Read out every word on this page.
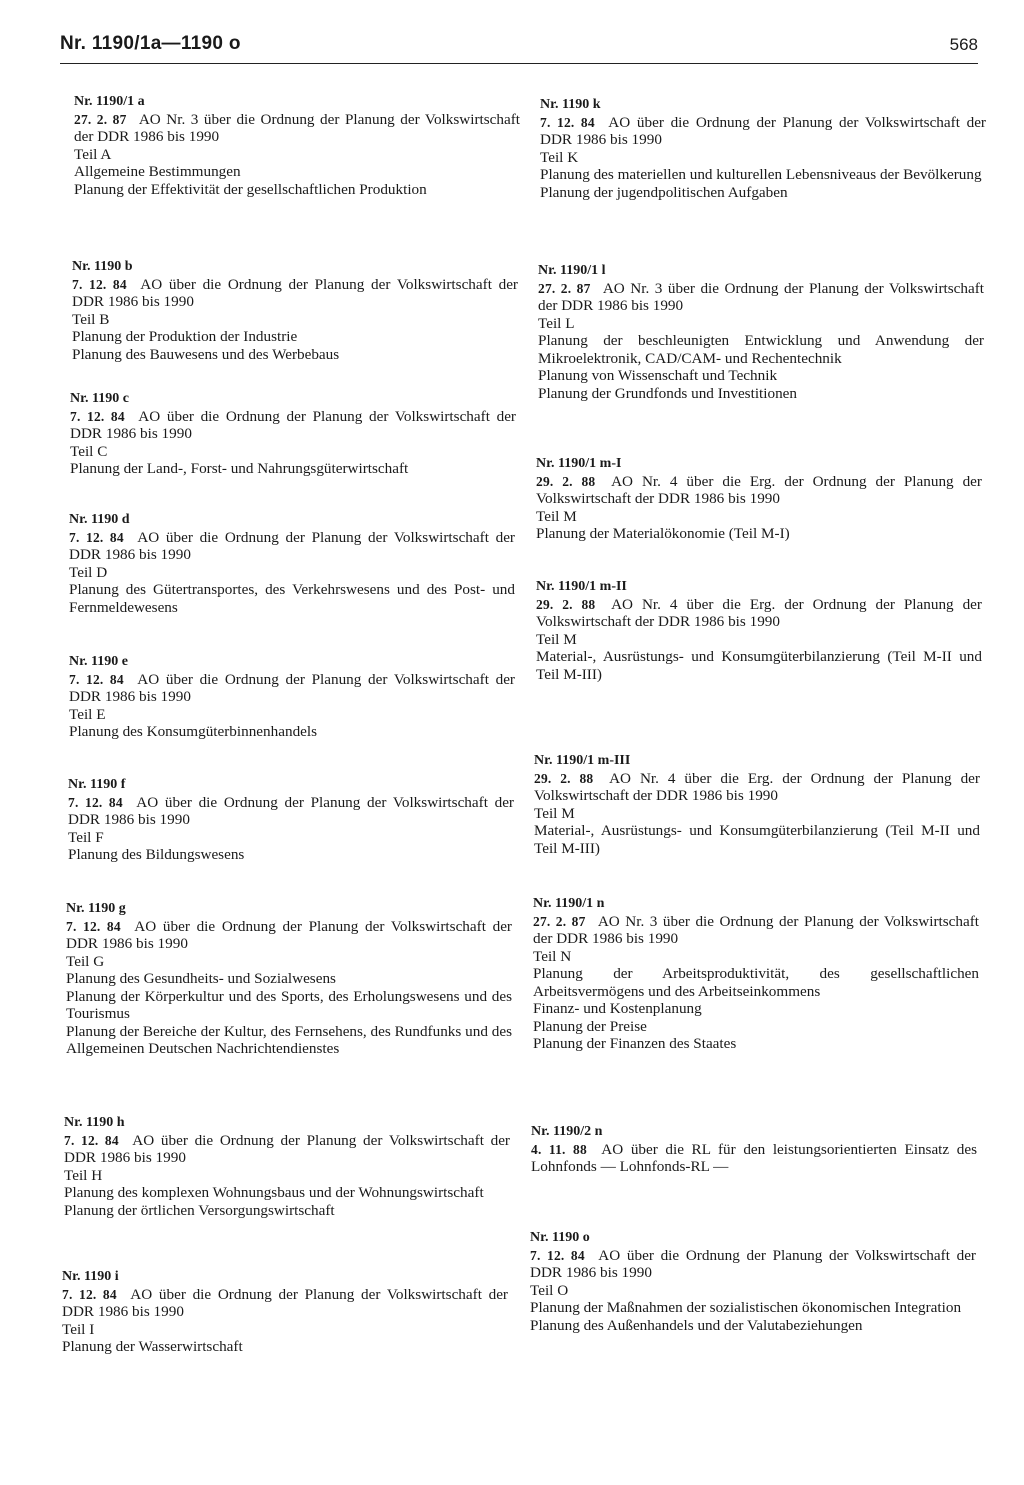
Nr. 1190/1a—1190 o	568
Nr. 1190/1 a
27. 2. 87  AO Nr. 3 über die Ordnung der Planung der Volkswirtschaft der DDR 1986 bis 1990
Teil A
Allgemeine Bestimmungen
Planung der Effektivität der gesellschaftlichen Produktion
Nr. 1190 b
7. 12. 84  AO über die Ordnung der Planung der Volkswirtschaft der DDR 1986 bis 1990
Teil B
Planung der Produktion der Industrie
Planung des Bauwesens und des Werbebaus
Nr. 1190 c
7. 12. 84  AO über die Ordnung der Planung der Volkswirtschaft der DDR 1986 bis 1990
Teil C
Planung der Land-, Forst- und Nahrungsgüterwirtschaft
Nr. 1190 d
7. 12. 84  AO über die Ordnung der Planung der Volkswirtschaft der DDR 1986 bis 1990
Teil D
Planung des Gütertransportes, des Verkehrswesens und des Post- und Fernmeldewesens
Nr. 1190 e
7. 12. 84  AO über die Ordnung der Planung der Volkswirtschaft der DDR 1986 bis 1990
Teil E
Planung des Konsumgüterbinnenhandels
Nr. 1190 f
7. 12. 84  AO über die Ordnung der Planung der Volkswirtschaft der DDR 1986 bis 1990
Teil F
Planung des Bildungswesens
Nr. 1190 g
7. 12. 84  AO über die Ordnung der Planung der Volkswirtschaft der DDR 1986 bis 1990
Teil G
Planung des Gesundheits- und Sozialwesens
Planung der Körperkultur und des Sports, des Erholungswesens und des Tourismus
Planung der Bereiche der Kultur, des Fernsehens, des Rundfunks und des Allgemeinen Deutschen Nachrichtendienstes
Nr. 1190 h
7. 12. 84  AO über die Ordnung der Planung der Volkswirtschaft der DDR 1986 bis 1990
Teil H
Planung des komplexen Wohnungsbaus und der Wohnungswirtschaft
Planung der örtlichen Versorgungswirtschaft
Nr. 1190 i
7. 12. 84  AO über die Ordnung der Planung der Volkswirtschaft der DDR 1986 bis 1990
Teil I
Planung der Wasserwirtschaft
Nr. 1190 k
7. 12. 84  AO über die Ordnung der Planung der Volkswirtschaft der DDR 1986 bis 1990
Teil K
Planung des materiellen und kulturellen Lebensniveaus der Bevölkerung
Planung der jugendpolitischen Aufgaben
Nr. 1190/1 l
27. 2. 87  AO Nr. 3 über die Ordnung der Planung der Volkswirtschaft der DDR 1986 bis 1990
Teil L
Planung der beschleunigten Entwicklung und Anwendung der Mikroelektronik, CAD/CAM- und Rechentechnik
Planung von Wissenschaft und Technik
Planung der Grundfonds und Investitionen
Nr. 1190/1 m-I
29. 2. 88  AO Nr. 4 über die Erg. der Ordnung der Planung der Volkswirtschaft der DDR 1986 bis 1990
Teil M
Planung der Materialökonomie (Teil M-I)
Nr. 1190/1 m-II
29. 2. 88  AO Nr. 4 über die Erg. der Ordnung der Planung der Volkswirtschaft der DDR 1986 bis 1990
Teil M
Material-, Ausrüstungs- und Konsumgüterbilanzierung (Teil M-II und Teil M-III)
Nr. 1190/1 m-III
29. 2. 88  AO Nr. 4 über die Erg. der Ordnung der Planung der Volkswirtschaft der DDR 1986 bis 1990
Teil M
Material-, Ausrüstungs- und Konsumgüterbilanzierung (Teil M-II und Teil M-III)
Nr. 1190/1 n
27. 2. 87  AO Nr. 3 über die Ordnung der Planung der Volkswirtschaft der DDR 1986 bis 1990
Teil N
Planung der Arbeitsproduktivität, des gesellschaftlichen Arbeitsvermögens und des Arbeitseinkommens
Finanz- und Kostenplanung
Planung der Preise
Planung der Finanzen des Staates
Nr. 1190/2 n
4. 11. 88  AO über die RL für den leistungsorientierten Einsatz des Lohnfonds — Lohnfonds-RL —
Nr. 1190 o
7. 12. 84  AO über die Ordnung der Planung der Volkswirtschaft der DDR 1986 bis 1990
Teil O
Planung der Maßnahmen der sozialistischen ökonomischen Integration
Planung des Außenhandels und der Valutabeziehungen
